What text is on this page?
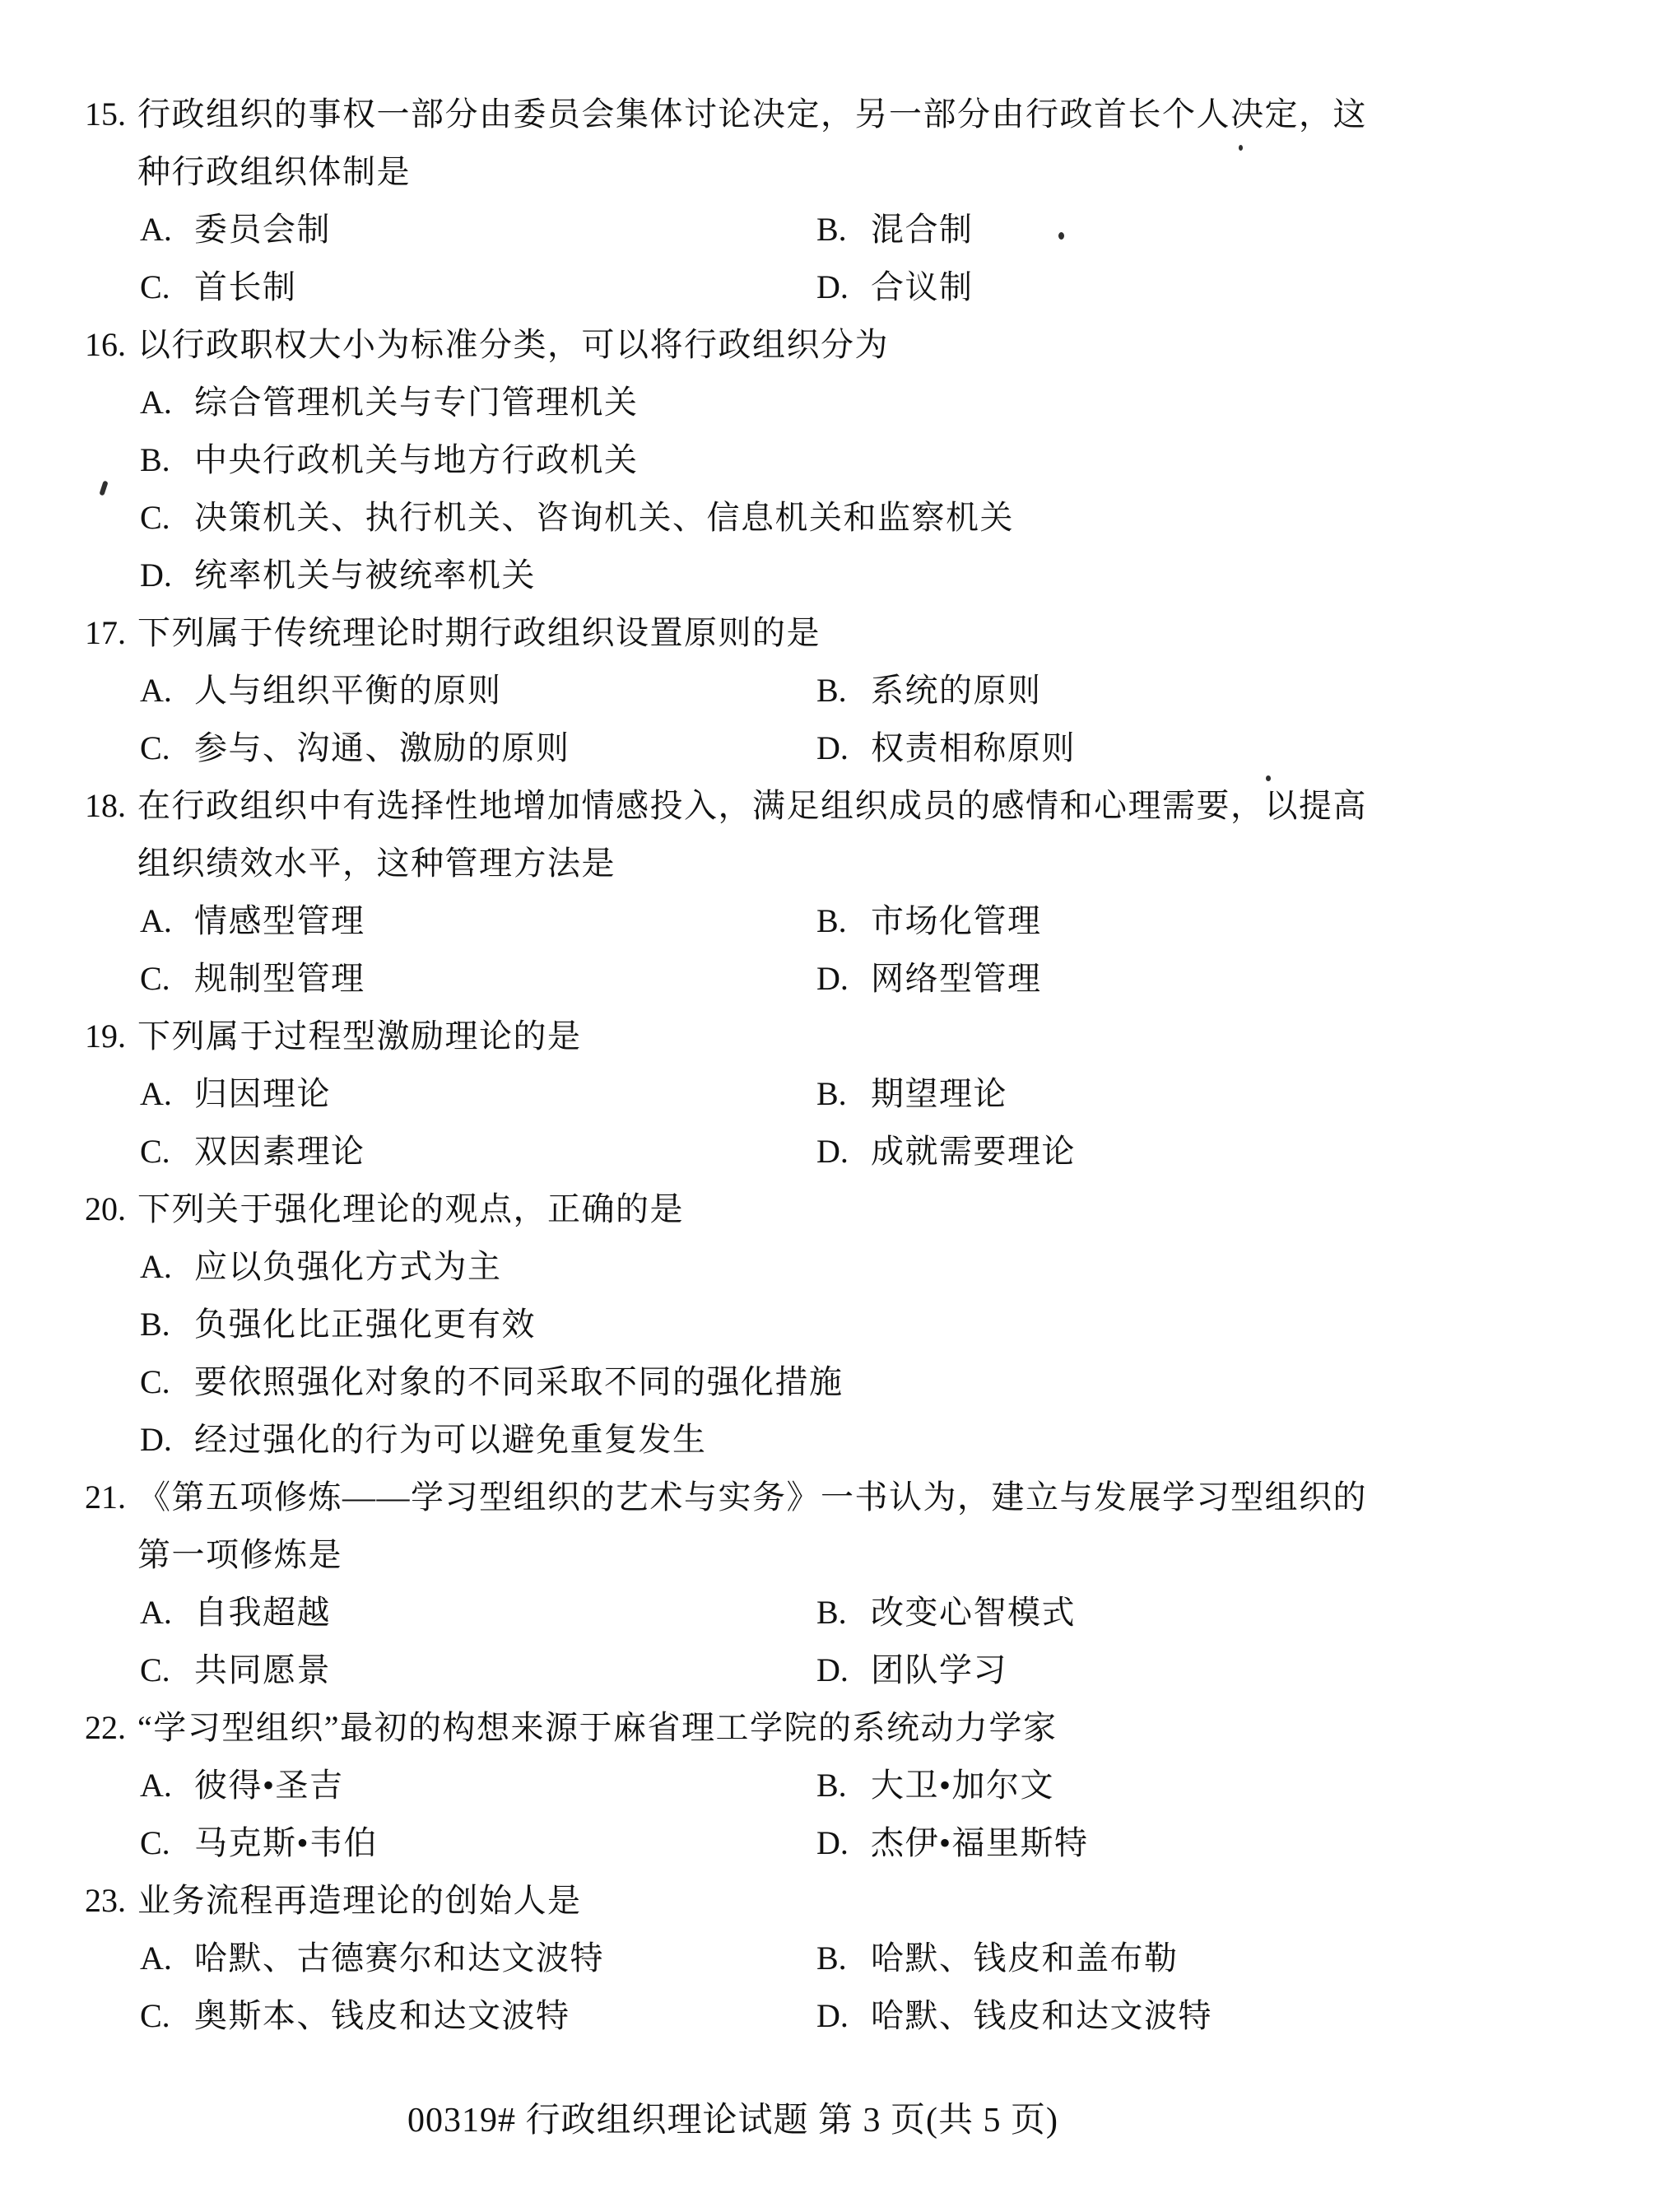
15. 行政组织的事权一部分由委员会集体讨论决定，另一部分由行政首长个人决定，这
种行政组织体制是
A. 委员会制	B. 混合制
C. 首长制	D. 合议制
16. 以行政职权大小为标准分类，可以将行政组织分为
A. 综合管理机关与专门管理机关
B. 中央行政机关与地方行政机关
C. 决策机关、执行机关、咨询机关、信息机关和监察机关
D. 统率机关与被统率机关
17. 下列属于传统理论时期行政组织设置原则的是
A. 人与组织平衡的原则	B. 系统的原则
C. 参与、沟通、激励的原则	D. 权责相称原则
18. 在行政组织中有选择性地增加情感投入，满足组织成员的感情和心理需要，以提高
组织绩效水平，这种管理方法是
A. 情感型管理	B. 市场化管理
C. 规制型管理	D. 网络型管理
19. 下列属于过程型激励理论的是
A. 归因理论	B. 期望理论
C. 双因素理论	D. 成就需要理论
20. 下列关于强化理论的观点，正确的是
A. 应以负强化方式为主
B. 负强化比正强化更有效
C. 要依照强化对象的不同采取不同的强化措施
D. 经过强化的行为可以避免重复发生
21. 《第五项修炼——学习型组织的艺术与实务》一书认为，建立与发展学习型组织的
第一项修炼是
A. 自我超越	B. 改变心智模式
C. 共同愿景	D. 团队学习
22. “学习型组织”最初的构想来源于麻省理工学院的系统动力学家
A. 彼得•圣吉	B. 大卫•加尔文
C. 马克斯•韦伯	D. 杰伊•福里斯特
23. 业务流程再造理论的创始人是
A. 哈默、古德赛尔和达文波特	B. 哈默、钱皮和盖布勒
C. 奥斯本、钱皮和达文波特	D. 哈默、钱皮和达文波特
00319# 行政组织理论试题 第 3 页(共 5 页)
